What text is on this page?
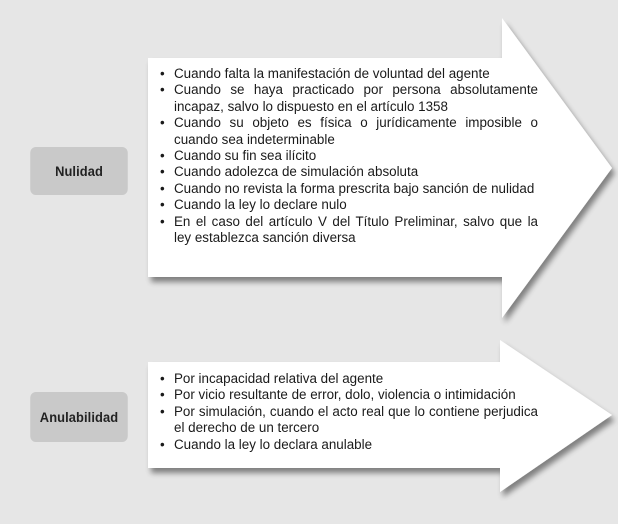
Nulidad
• Cuando falta la manifestación de voluntad del agente
• Cuando se haya practicado por persona absolutamente incapaz, salvo lo dispuesto en el artículo 1358
• Cuando su objeto es física o jurídicamente imposible o cuando sea indeterminable
• Cuando su fin sea ilícito
• Cuando adolezca de simulación absoluta
• Cuando no revista la forma prescrita bajo sanción de nulidad
• Cuando la ley lo declare nulo
• En el caso del artículo V del Título Preliminar, salvo que la ley establezca sanción diversa
Anulabilidad
• Por incapacidad relativa del agente
• Por vicio resultante de error, dolo, violencia o intimidación
• Por simulación, cuando el acto real que lo contiene perjudica el derecho de un tercero
• Cuando la ley lo declara anulable
